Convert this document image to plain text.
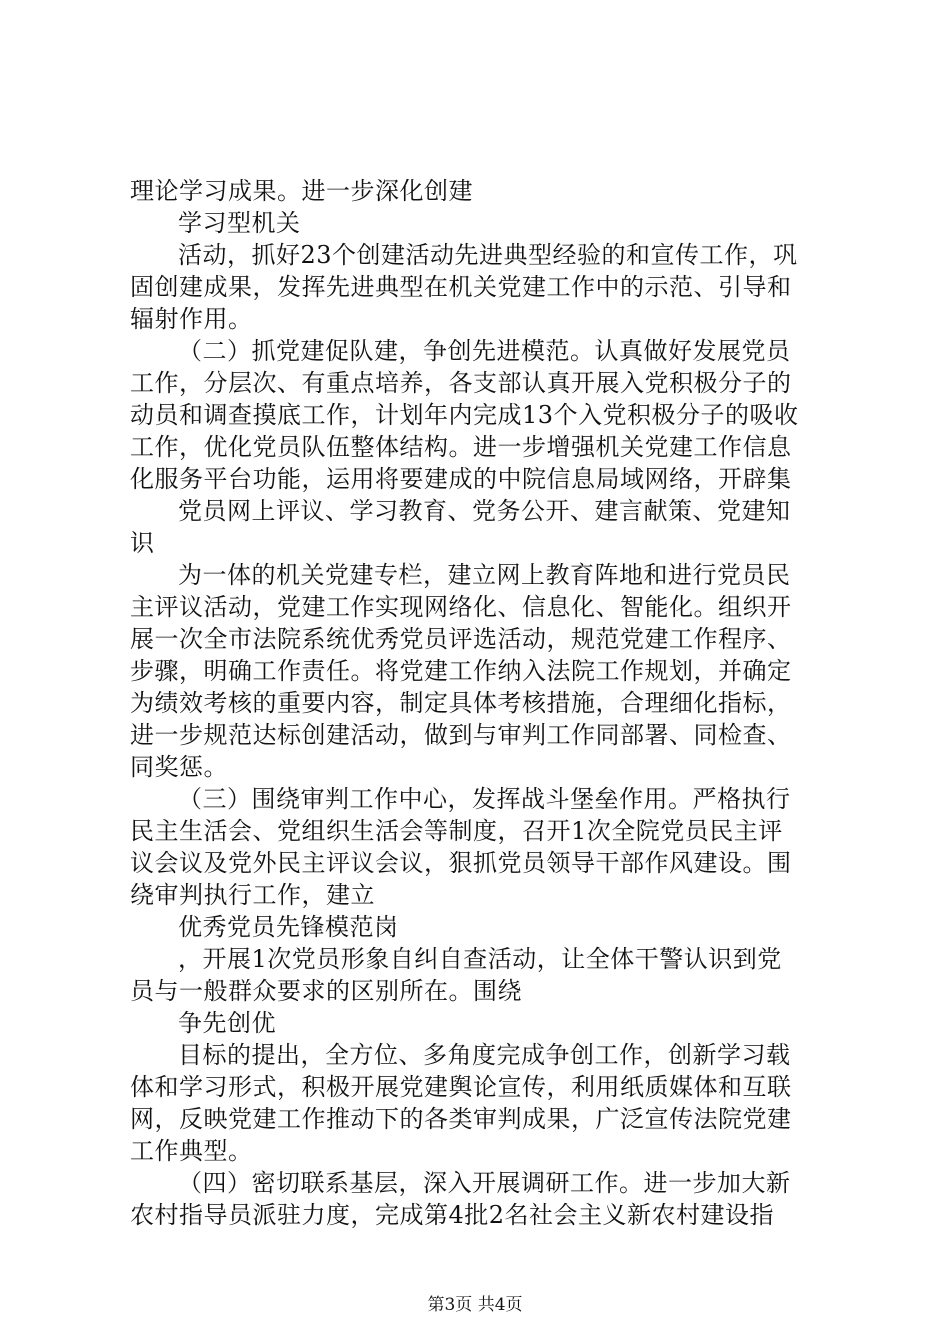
理论学习成果。进一步深化创建
学习型机关
活动，抓好23个创建活动先进典型经验的和宣传工作，巩
固创建成果，发挥先进典型在机关党建工作中的示范、引导和
辐射作用。
（二）抓党建促队建，争创先进模范。认真做好发展党员
工作，分层次、有重点培养，各支部认真开展入党积极分子的
动员和调查摸底工作，计划年内完成13个入党积极分子的吸收
工作，优化党员队伍整体结构。进一步增强机关党建工作信息
化服务平台功能，运用将要建成的中院信息局域网络，开辟集
党员网上评议、学习教育、党务公开、建言献策、党建知
识
为一体的机关党建专栏，建立网上教育阵地和进行党员民
主评议活动，党建工作实现网络化、信息化、智能化。组织开
展一次全市法院系统优秀党员评选活动，规范党建工作程序、
步骤，明确工作责任。将党建工作纳入法院工作规划，并确定
为绩效考核的重要内容，制定具体考核措施，合理细化指标，
进一步规范达标创建活动，做到与审判工作同部署、同检查、
同奖惩。
（三）围绕审判工作中心，发挥战斗堡垒作用。严格执行
民主生活会、党组织生活会等制度，召开1次全院党员民主评
议会议及党外民主评议会议，狠抓党员领导干部作风建设。围
绕审判执行工作，建立
优秀党员先锋模范岗
，开展1次党员形象自纠自查活动，让全体干警认识到党
员与一般群众要求的区别所在。围绕
争先创优
目标的提出，全方位、多角度完成争创工作，创新学习载
体和学习形式，积极开展党建舆论宣传，利用纸质媒体和互联
网，反映党建工作推动下的各类审判成果，广泛宣传法院党建
工作典型。
（四）密切联系基层，深入开展调研工作。进一步加大新
农村指导员派驻力度，完成第4批2名社会主义新农村建设指
第3页 共4页
